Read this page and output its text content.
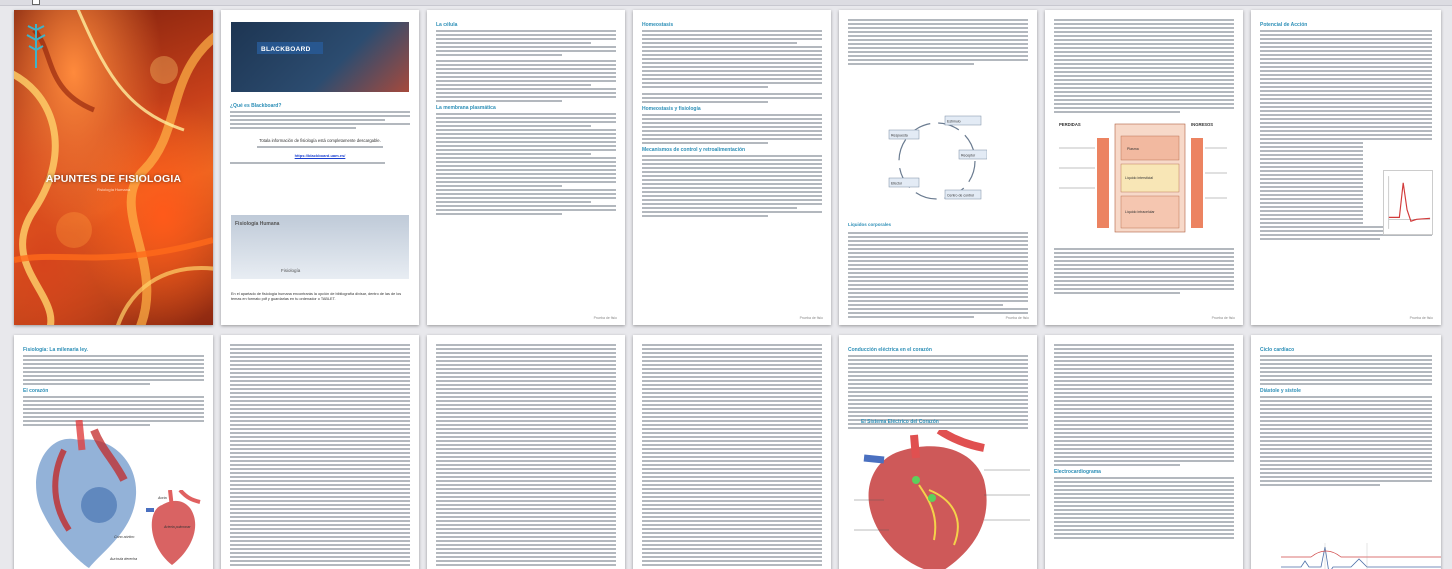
APUNTES DE FISIOLOGIA
Fisiología Humana
BLACKBOARD
¿Qué es Blackboard?
Totala información de fisiología está completamente descargable.
https://blackboard.uam.es/
Fisiología Humana
Fisiología
En el apartado de fisiología humana encontrarás la opción de bibliografía divisar, dentro de las de los temas en formato pdf y guardarlas en tu ordenador o TABLET.
La célula
La membrana plasmática
Prueba de fisio
Homeostasis
Homeostasis y fisiología
Mecanismos de control y retroalimentación
Prueba de fisio
Estímulo
Receptor
Centro de control
Efector
Respuesta
Líquidos corporales
Prueba de fisio
PERDIDAS	INGRESOS
Plasma
Líquido intersticial
Líquido intracelular
Prueba de fisio
Potencial de Acción
Prueba de fisio
Fisiología: La milenaria ley.
El corazón
Aorta
Arteria pulmonar
Cono aórtico
Aurícula derecha
Conducción eléctrica en el corazón
El Sistema Eléctrico del Corazón
Electrocardiograma
Ciclo cardíaco
Diástole y sístole
